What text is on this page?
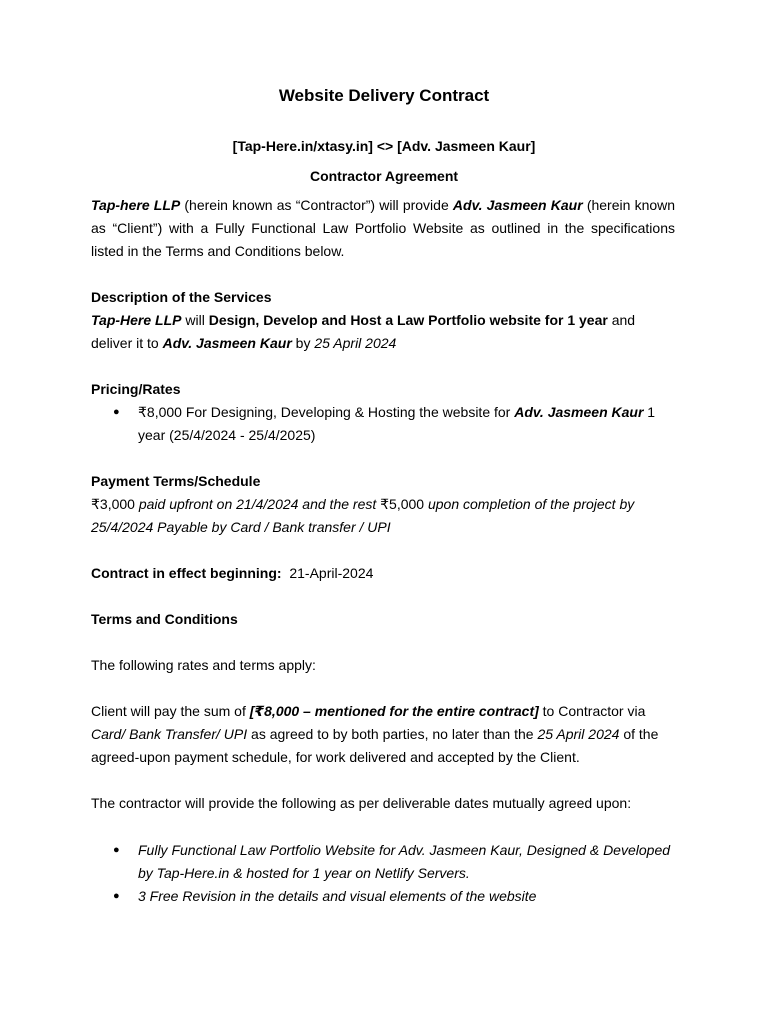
Website Delivery Contract
[Tap-Here.in/xtasy.in] <> [Adv. Jasmeen Kaur]
Contractor Agreement
Tap-here LLP (herein known as “Contractor”) will provide Adv. Jasmeen Kaur (herein known as “Client”) with a Fully Functional Law Portfolio Website as outlined in the specifications listed in the Terms and Conditions below.
Description of the Services
Tap-Here LLP will Design, Develop and Host a Law Portfolio website for 1 year and deliver it to Adv. Jasmeen Kaur by 25 April 2024
Pricing/Rates
●	₹8,000 For Designing, Developing & Hosting the website for Adv. Jasmeen Kaur 1 year (25/4/2024 - 25/4/2025)
Payment Terms/Schedule
₹3,000 paid upfront on 21/4/2024 and the rest ₹5,000 upon completion of the project by 25/4/2024 Payable by Card / Bank transfer / UPI
Contract in effect beginning: 21-April-2024
Terms and Conditions
The following rates and terms apply:
Client will pay the sum of [₹8,000 – mentioned for the entire contract] to Contractor via Card/ Bank Transfer/ UPI as agreed to by both parties, no later than the 25 April 2024 of the agreed-upon payment schedule, for work delivered and accepted by the Client.
The contractor will provide the following as per deliverable dates mutually agreed upon:
●	Fully Functional Law Portfolio Website for Adv. Jasmeen Kaur, Designed & Developed by Tap-Here.in & hosted for 1 year on Netlify Servers.
●	3 Free Revision in the details and visual elements of the website
